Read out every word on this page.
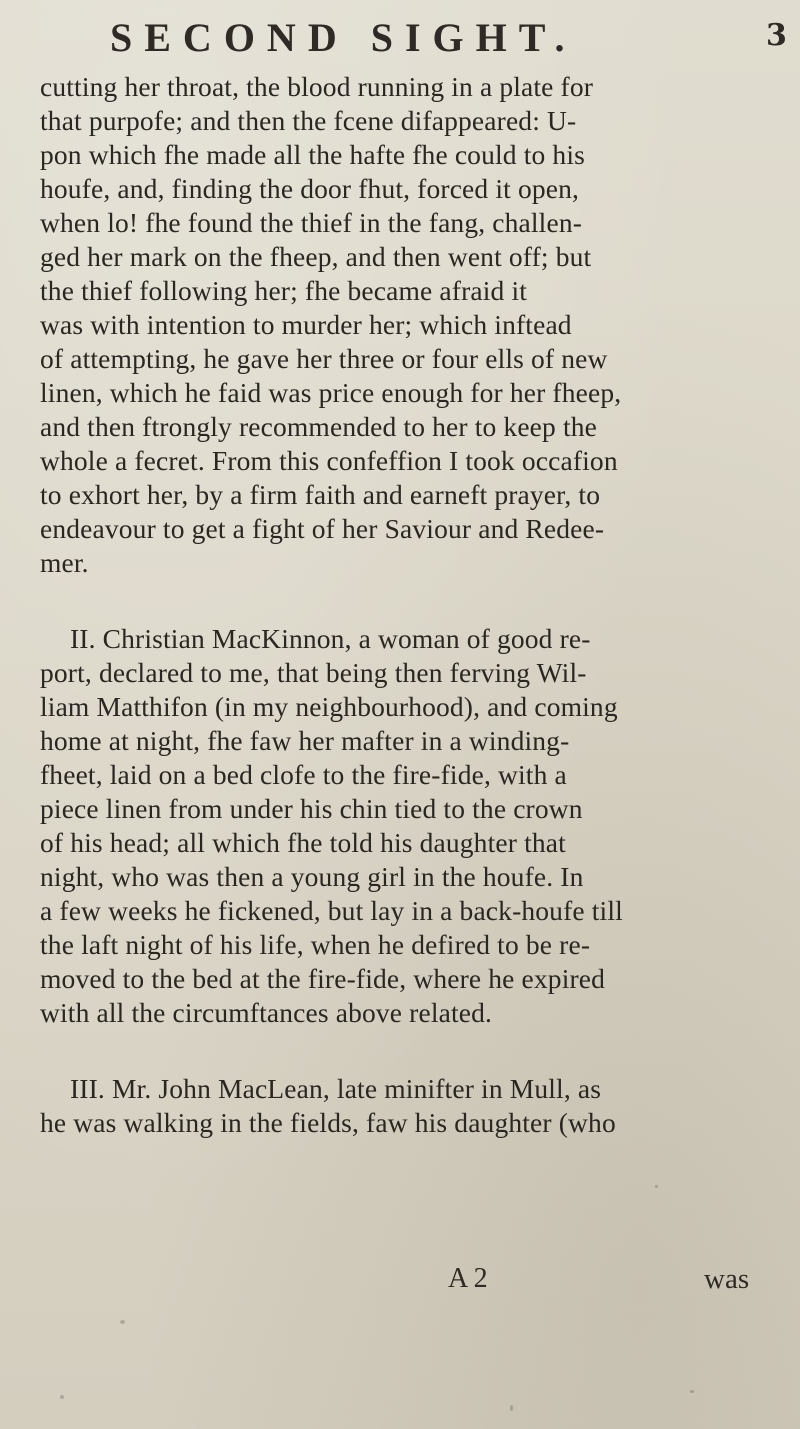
SECOND SIGHT.	3
cutting her throat, the blood running in a plate for
that purpofe; and then the fcene difappeared: U-
pon which fhe made all the hafte fhe could to his
houfe, and, finding the door fhut, forced it open,
when lo! fhe found the thief in the fang, challen-
ged her mark on the fheep, and then went off; but
the thief following her; fhe became afraid it
was with intention to murder her; which inftead
of attempting, he gave her three or four ells of new
linen, which he faid was price enough for her fheep,
and then ftrongly recommended to her to keep the
whole a fecret. From this confeffion I took occafion
to exhort her, by a firm faith and earneft prayer, to
endeavour to get a fight of her Saviour and Redee-
mer.
II. Christian MacKinnon, a woman of good re-
port, declared to me, that being then ferving Wil-
liam Matthifon (in my neighbourhood), and coming
home at night, fhe faw her mafter in a winding-
fheet, laid on a bed clofe to the fire-fide, with a
piece linen from under his chin tied to the crown
of his head; all which fhe told his daughter that
night, who was then a young girl in the houfe. In
a few weeks he fickened, but lay in a back-houfe till
the laft night of his life, when he defired to be re-
moved to the bed at the fire-fide, where he expired
with all the circumftances above related.
III. Mr. John MacLean, late minifter in Mull, as
he was walking in the fields, faw his daughter (who
A 2	was
